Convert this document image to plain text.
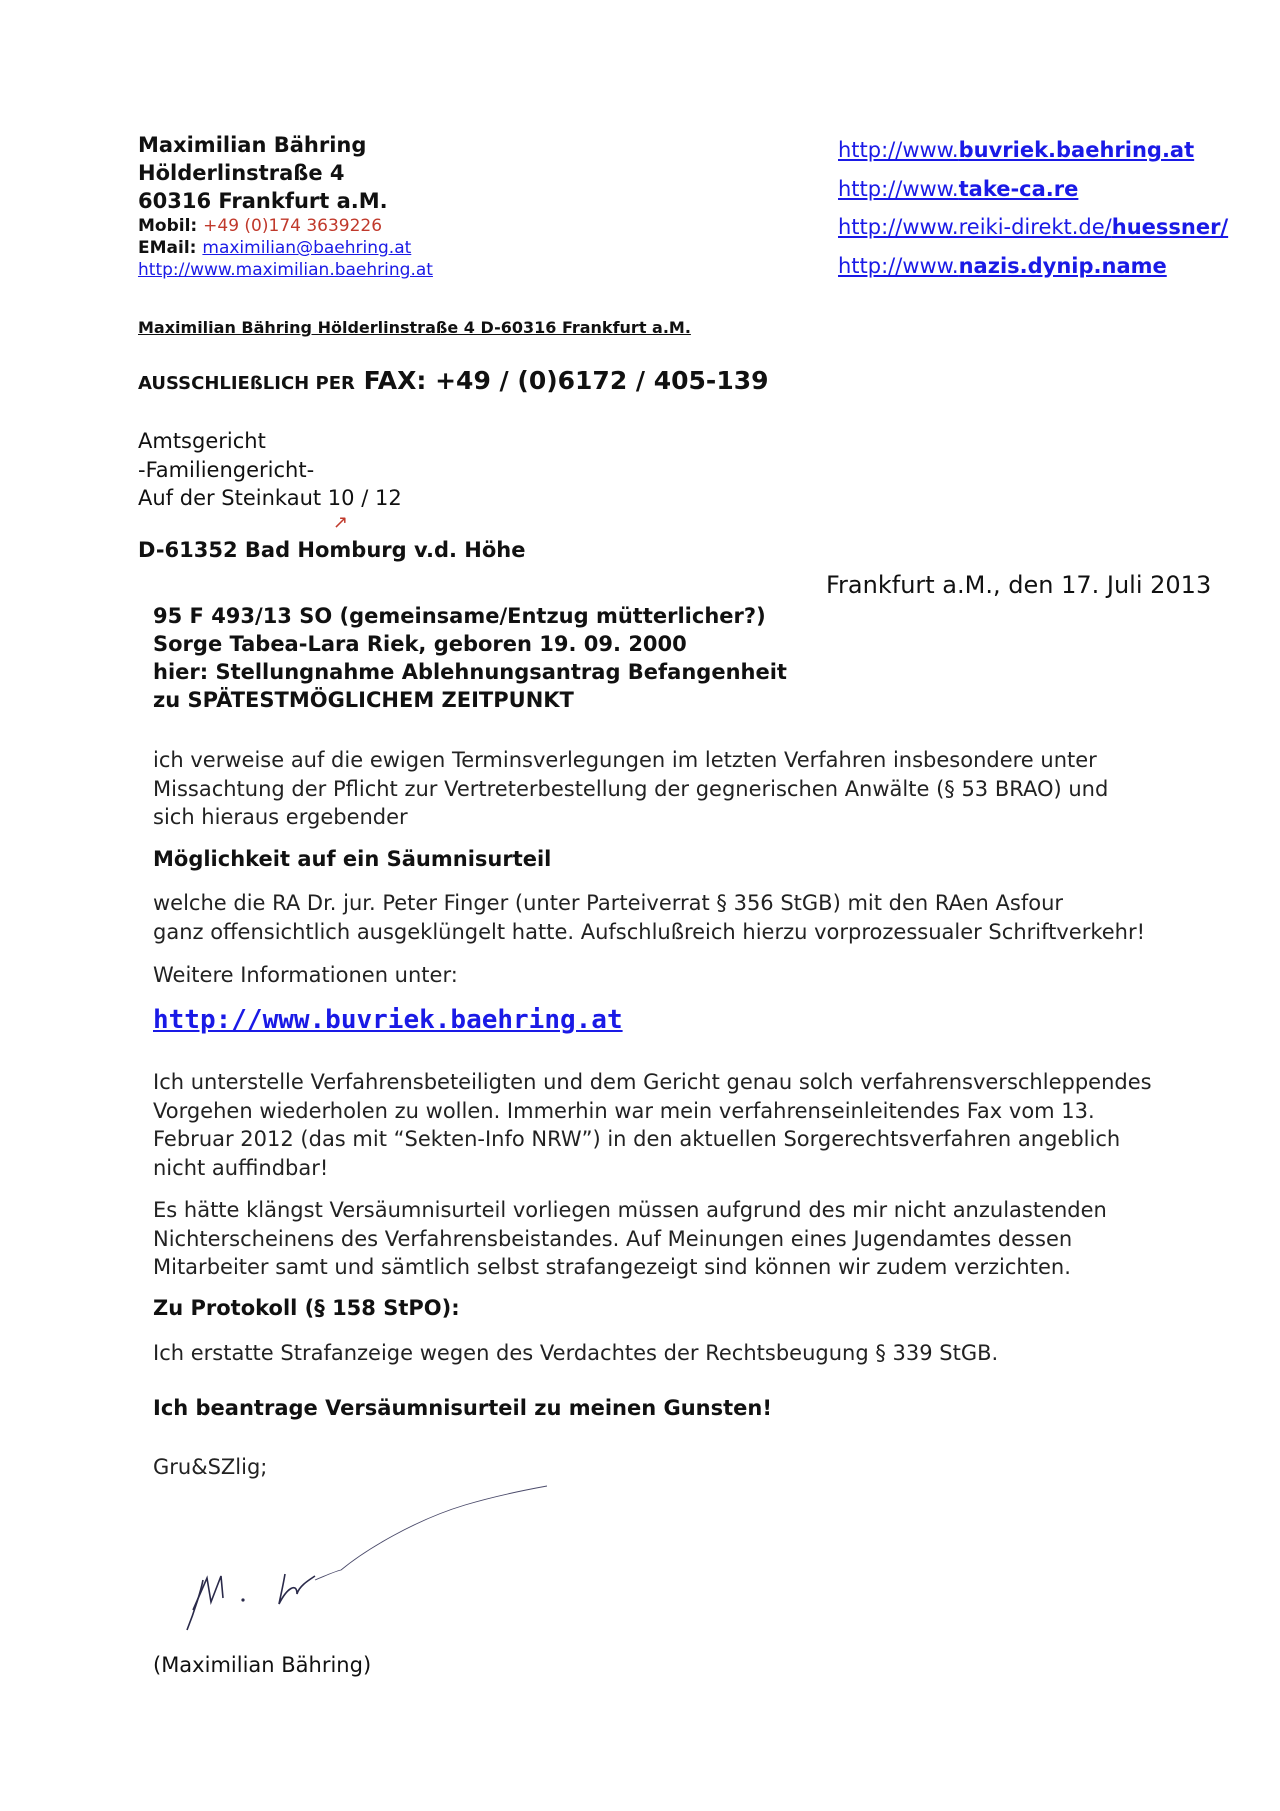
Maximilian Bähring
Hölderlinstraße 4
60316 Frankfurt a.M.
Mobil: +49 (0)174 3639226
EMail: maximilian@baehring.at
http://www.maximilian.baehring.at
http://www.buvriek.baehring.at
http://www.take-ca.re
http://www.reiki-direkt.de/huessner/
http://www.nazis.dynip.name
Maximilian Bähring Hölderlinstraße 4 D-60316 Frankfurt a.M.
AUSSCHLIEßLICH PER FAX: +49 / (0)6172 / 405-139
Amtsgericht
-Familiengericht-
Auf der Steinkaut 10 / 12
↗
D-61352 Bad Homburg v.d. Höhe
Frankfurt a.M., den 17. Juli 2013
95 F 493/13 SO (gemeinsame/Entzug mütterlicher?)
Sorge Tabea-Lara Riek, geboren 19. 09. 2000
hier: Stellungnahme Ablehnungsantrag Befangenheit
zu SPÄTESTMÖGLICHEM ZEITPUNKT
ich verweise auf die ewigen Terminsverlegungen im letzten Verfahren insbesondere unter
Missachtung der Pflicht zur Vertreterbestellung der gegnerischen Anwälte (§ 53 BRAO) und
sich hieraus ergebender
Möglichkeit auf ein Säumnisurteil
welche die RA Dr. jur. Peter Finger (unter Parteiverrat § 356 StGB) mit den RAen Asfour
ganz offensichtlich ausgeklüngelt hatte. Aufschlußreich hierzu vorprozessualer Schriftverkehr!
Weitere Informationen unter:
http://www.buvriek.baehring.at
Ich unterstelle Verfahrensbeteiligten und dem Gericht genau solch verfahrensverschleppendes
Vorgehen wiederholen zu wollen. Immerhin war mein verfahrenseinleitendes Fax vom 13.
Februar 2012 (das mit “Sekten-Info NRW”) in den aktuellen Sorgerechtsverfahren angeblich
nicht auffindbar!
Es hätte klängst Versäumnisurteil vorliegen müssen aufgrund des mir nicht anzulastenden
Nichterscheinens des Verfahrensbeistandes. Auf Meinungen eines Jugendamtes dessen
Mitarbeiter samt und sämtlich selbst strafangezeigt sind können wir zudem verzichten.
Zu Protokoll (§ 158 StPO):
Ich erstatte Strafanzeige wegen des Verdachtes der Rechtsbeugung § 339 StGB.
Ich beantrage Versäumnisurteil zu meinen Gunsten!
Gru&SZlig;
(Maximilian Bähring)
